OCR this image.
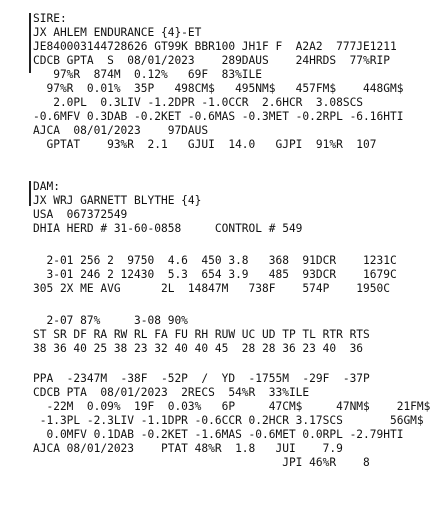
SIRE:
JX AHLEM ENDURANCE {4}-ET
JE840003144728626 GT99K BBR100 JH1F F  A2A2  777JE1211
CDCB GPTA  S  08/01/2023    289DAUS    24HRDS  77%RIP
97%R  874M  0.12%   69F  83%ILE
97%R  0.01%  35P   498CM$   495NM$   457FM$    448GM$
2.0PL  0.3LIV -1.2DPR -1.0CCR  2.6HCR  3.08SCS
-0.6MFV 0.3DAB -0.2KET -0.6MAS -0.3MET -0.2RPL -6.16HTI
AJCA  08/01/2023    97DAUS
GPTAT    93%R  2.1   GJUI  14.0   GJPI  91%R  107
DAM:
JX WRJ GARNETT BLYTHE {4}
USA  067372549
DHIA HERD # 31-60-0858     CONTROL # 549
2-01 256 2  9750  4.6  450 3.8   368  91DCR    1231C
3-01 246 2 12430  5.3  654 3.9   485  93DCR    1679C
305 2X ME AVG      2L  14847M   738F    574P    1950C
2-07 87%     3-08 90%
ST SR DF RA RW RL FA FU RH RUW UC UD TP TL RTR RTS
38 36 40 25 38 23 32 40 40 45  28 28 36 23 40  36
PPA  -2347M  -38F  -52P  /  YD  -1755M  -29F  -37P
CDCB PTA  08/01/2023  2RECS  54%R  33%ILE
-22M  0.09%  19F  0.03%   6P     47CM$     47NM$    21FM$
-1.3PL -2.3LIV -1.1DPR -0.6CCR 0.2HCR 3.17SCS       56GM$
0.0MFV 0.1DAB -0.2KET -1.6MAS -0.6MET 0.0RPL -2.79HTI
AJCA 08/01/2023    PTAT 48%R  1.8   JUI    7.9
JPI 46%R    8
